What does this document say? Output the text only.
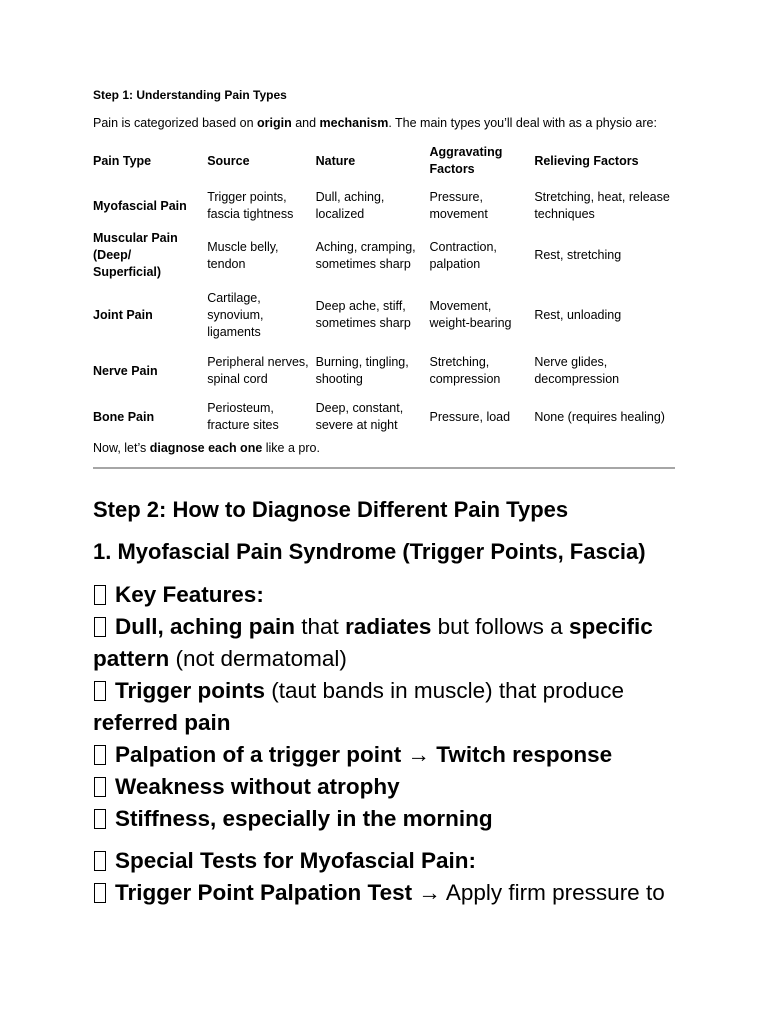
Step 1: Understanding Pain Types
Pain is categorized based on origin and mechanism. The main types you’ll deal with as a physio are:
Pain Type	Source	Nature	Aggravating Factors	Relieving Factors
Myofascial Pain	Trigger points, fascia tightness	Dull, aching, localized	Pressure, movement	Stretching, heat, release techniques
Muscular Pain (Deep/ Superficial)	Muscle belly, tendon	Aching, cramping, sometimes sharp	Contraction, palpation	Rest, stretching
Joint Pain	Cartilage, synovium, ligaments	Deep ache, stiff, sometimes sharp	Movement, weight-bearing	Rest, unloading
Nerve Pain	Peripheral nerves, spinal cord	Burning, tingling, shooting	Stretching, compression	Nerve glides, decompression
Bone Pain	Periosteum, fracture sites	Deep, constant, severe at night	Pressure, load	None (requires healing)
Now, let’s diagnose each one like a pro.
Step 2: How to Diagnose Different Pain Types
1. Myofascial Pain Syndrome (Trigger Points, Fascia)

Key Features:

Dull, aching pain that radiates but follows a specific pattern (not dermatomal)

Trigger points (taut bands in muscle) that produce referred pain

Palpation of a trigger point → Twitch response

Weakness without atrophy

Stiffness, especially in the morning

Special Tests for Myofascial Pain:

Trigger Point Palpation Test → Apply firm pressure to
